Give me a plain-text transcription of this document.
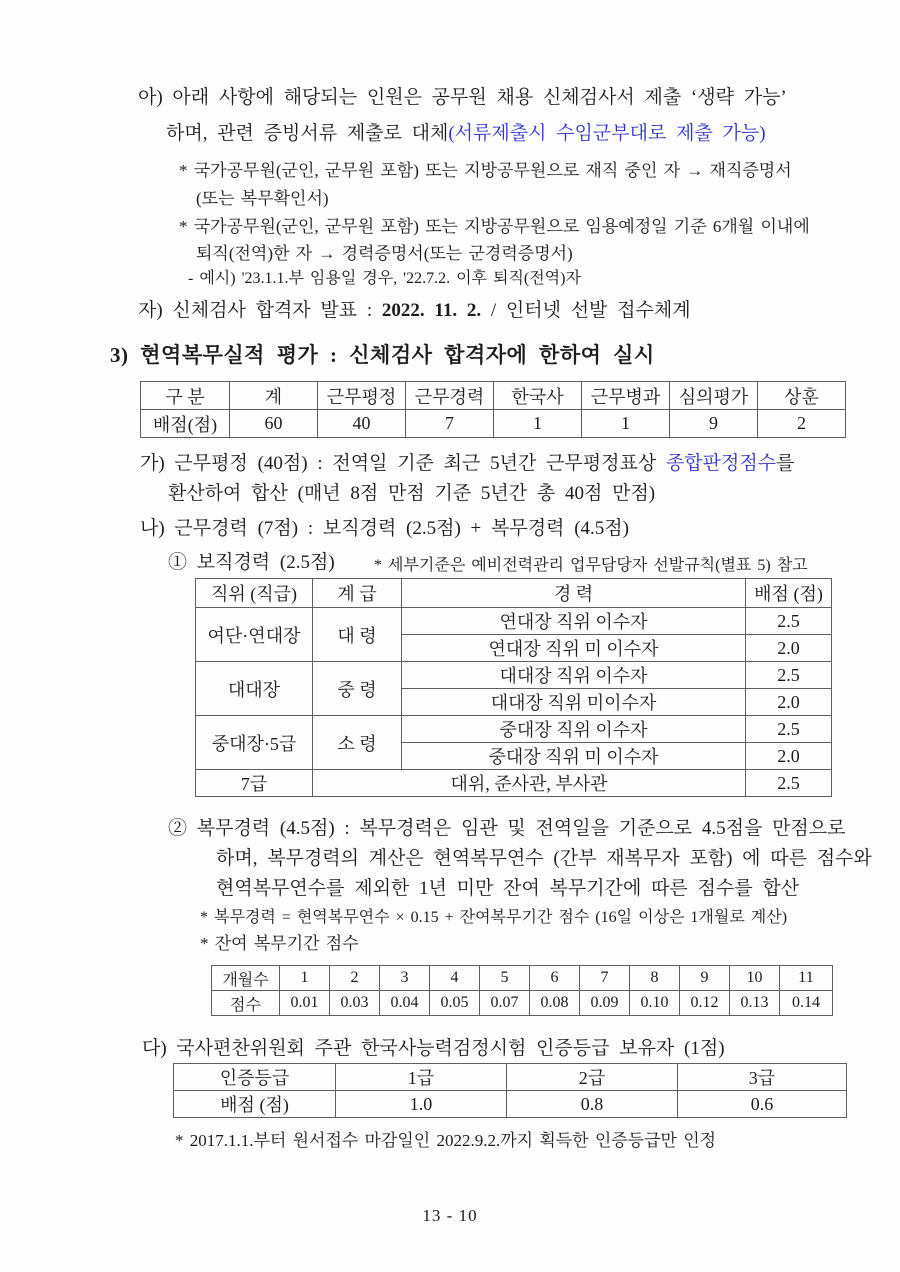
아) 아래 사항에 해당되는 인원은 공무원 채용 신체검사서 제출 ‘생략 가능’
하며, 관련 증빙서류 제출로 대체(서류제출시 수임군부대로 제출 가능)
* 국가공무원(군인, 군무원 포함) 또는 지방공무원으로 재직 중인 자 → 재직증명서
(또는 복무확인서)
* 국가공무원(군인, 군무원 포함) 또는 지방공무원으로 임용예정일 기준 6개월 이내에
퇴직(전역)한 자 → 경력증명서(또는 군경력증명서)
- 예시) '23.1.1.부 임용일 경우, '22.7.2. 이후 퇴직(전역)자
자) 신체검사 합격자 발표 : 2022. 11. 2. / 인터넷 선발 접수체계
3) 현역복무실적 평가 : 신체검사 합격자에 한하여 실시
구 분	계	근무평정	근무경력	한국사	근무병과	심의평가	상훈
배점(점)	60	40	7	1	1	9	2
가) 근무평정 (40점) : 전역일 기준 최근 5년간 근무평정표상 종합판정점수를
환산하여 합산 (매년 8점 만점 기준 5년간 총 40점 만점)
나) 근무경력 (7점) : 보직경력 (2.5점) + 복무경력 (4.5점)
① 보직경력 (2.5점) * 세부기준은 예비전력관리 업무담당자 선발규칙(별표 5) 참고
직위 (직급)	계 급	경 력	배점 (점)
여단·연대장	대 령	연대장 직위 이수자	2.5
		연대장 직위 미 이수자	2.0
대대장	중 령	대대장 직위 이수자	2.5
		대대장 직위 미이수자	2.0
중대장·5급	소 령	중대장 직위 이수자	2.5
		중대장 직위 미 이수자	2.0
7급	대위, 준사관, 부사관		2.5
② 복무경력 (4.5점) : 복무경력은 임관 및 전역일을 기준으로 4.5점을 만점으로
하며, 복무경력의 계산은 현역복무연수 (간부 재복무자 포함) 에 따른 점수와
현역복무연수를 제외한 1년 미만 잔여 복무기간에 따른 점수를 합산
* 복무경력 = 현역복무연수 × 0.15 + 잔여복무기간 점수 (16일 이상은 1개월로 계산)
* 잔여 복무기간 점수
개월수	1	2	3	4	5	6	7	8	9	10	11
점수	0.01	0.03	0.04	0.05	0.07	0.08	0.09	0.10	0.12	0.13	0.14
다) 국사편찬위원회 주관 한국사능력검정시험 인증등급 보유자 (1점)
인증등급	1급	2급	3급
배점 (점)	1.0	0.8	0.6
* 2017.1.1.부터 원서접수 마감일인 2022.9.2.까지 획득한 인증등급만 인정
13 - 10
